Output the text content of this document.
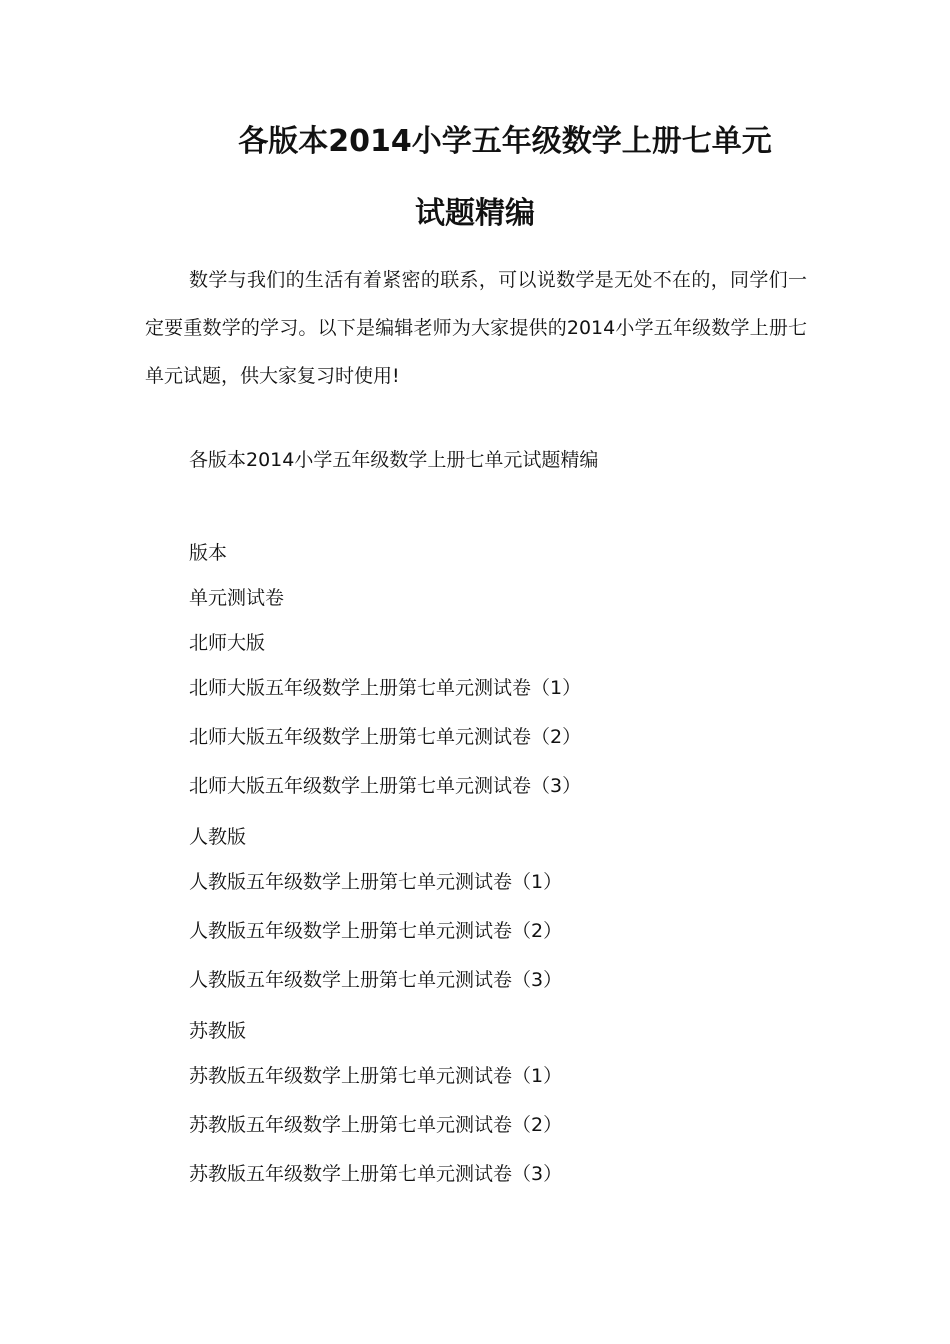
各版本2014小学五年级数学上册七单元
试题精编

数学与我们的生活有着紧密的联系，可以说数学是无处不在的，同学们一定要重数学的学习。以下是编辑老师为大家提供的2014小学五年级数学上册七单元试题，供大家复习时使用!

各版本2014小学五年级数学上册七单元试题精编
版本
单元测试卷
北师大版
北师大版五年级数学上册第七单元测试卷（1）
北师大版五年级数学上册第七单元测试卷（2）
北师大版五年级数学上册第七单元测试卷（3）
人教版
人教版五年级数学上册第七单元测试卷（1）
人教版五年级数学上册第七单元测试卷（2）
人教版五年级数学上册第七单元测试卷（3）
苏教版
苏教版五年级数学上册第七单元测试卷（1）
苏教版五年级数学上册第七单元测试卷（2）
苏教版五年级数学上册第七单元测试卷（3）
